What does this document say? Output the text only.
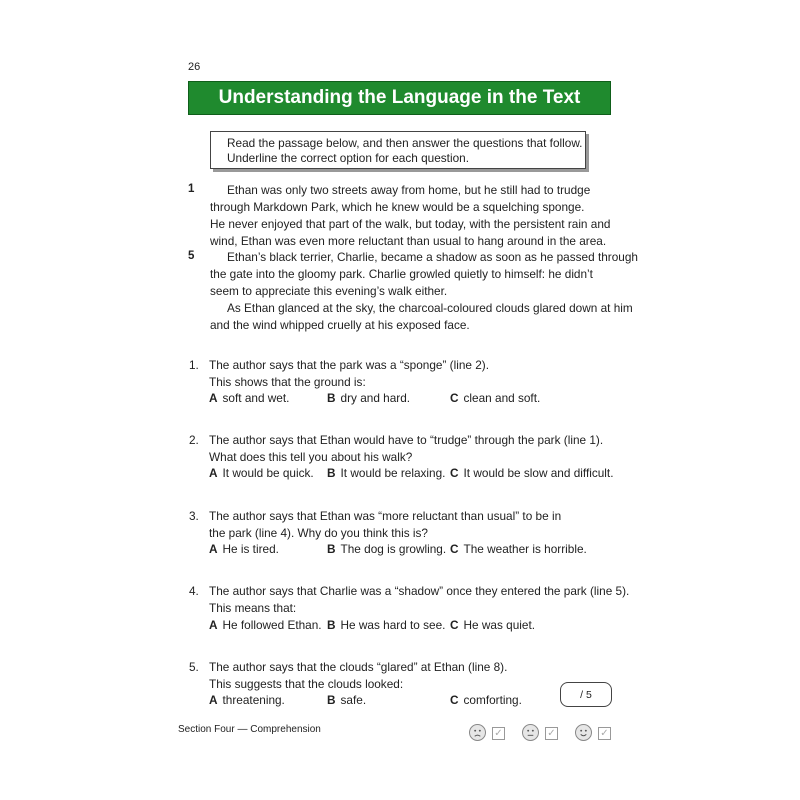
26
Understanding the Language in the Text
Read the passage below, and then answer the questions that follow.
Underline the correct option for each question.
1
5
Ethan was only two streets away from home, but he still had to trudge
through Markdown Park, which he knew would be a squelching sponge.
He never enjoyed that part of the walk, but today, with the persistent rain and
wind, Ethan was even more reluctant than usual to hang around in the area.
Ethan’s black terrier, Charlie, became a shadow as soon as he passed through
the gate into the gloomy park. Charlie growled quietly to himself: he didn’t
seem to appreciate this evening’s walk either.
As Ethan glanced at the sky, the charcoal-coloured clouds glared down at him
and the wind whipped cruelly at his exposed face.
1. The author says that the park was a “sponge” (line 2).
This shows that the ground is:
A soft and wet.	B dry and hard.	C clean and soft.
2. The author says that Ethan would have to “trudge” through the park (line 1).
What does this tell you about his walk?
A It would be quick. B It would be relaxing. C It would be slow and difficult.
3. The author says that Ethan was “more reluctant than usual” to be in
the park (line 4). Why do you think this is?
A He is tired.	B The dog is growling. C The weather is horrible.
4. The author says that Charlie was a “shadow” once they entered the park (line 5).
This means that:
A He followed Ethan. B He was hard to see. C He was quiet.
5. The author says that the clouds “glared” at Ethan (line 8).
This suggests that the clouds looked:
A threatening.	B safe.	C comforting.	/ 5
Section Four — Comprehension	✓	✓	✓
